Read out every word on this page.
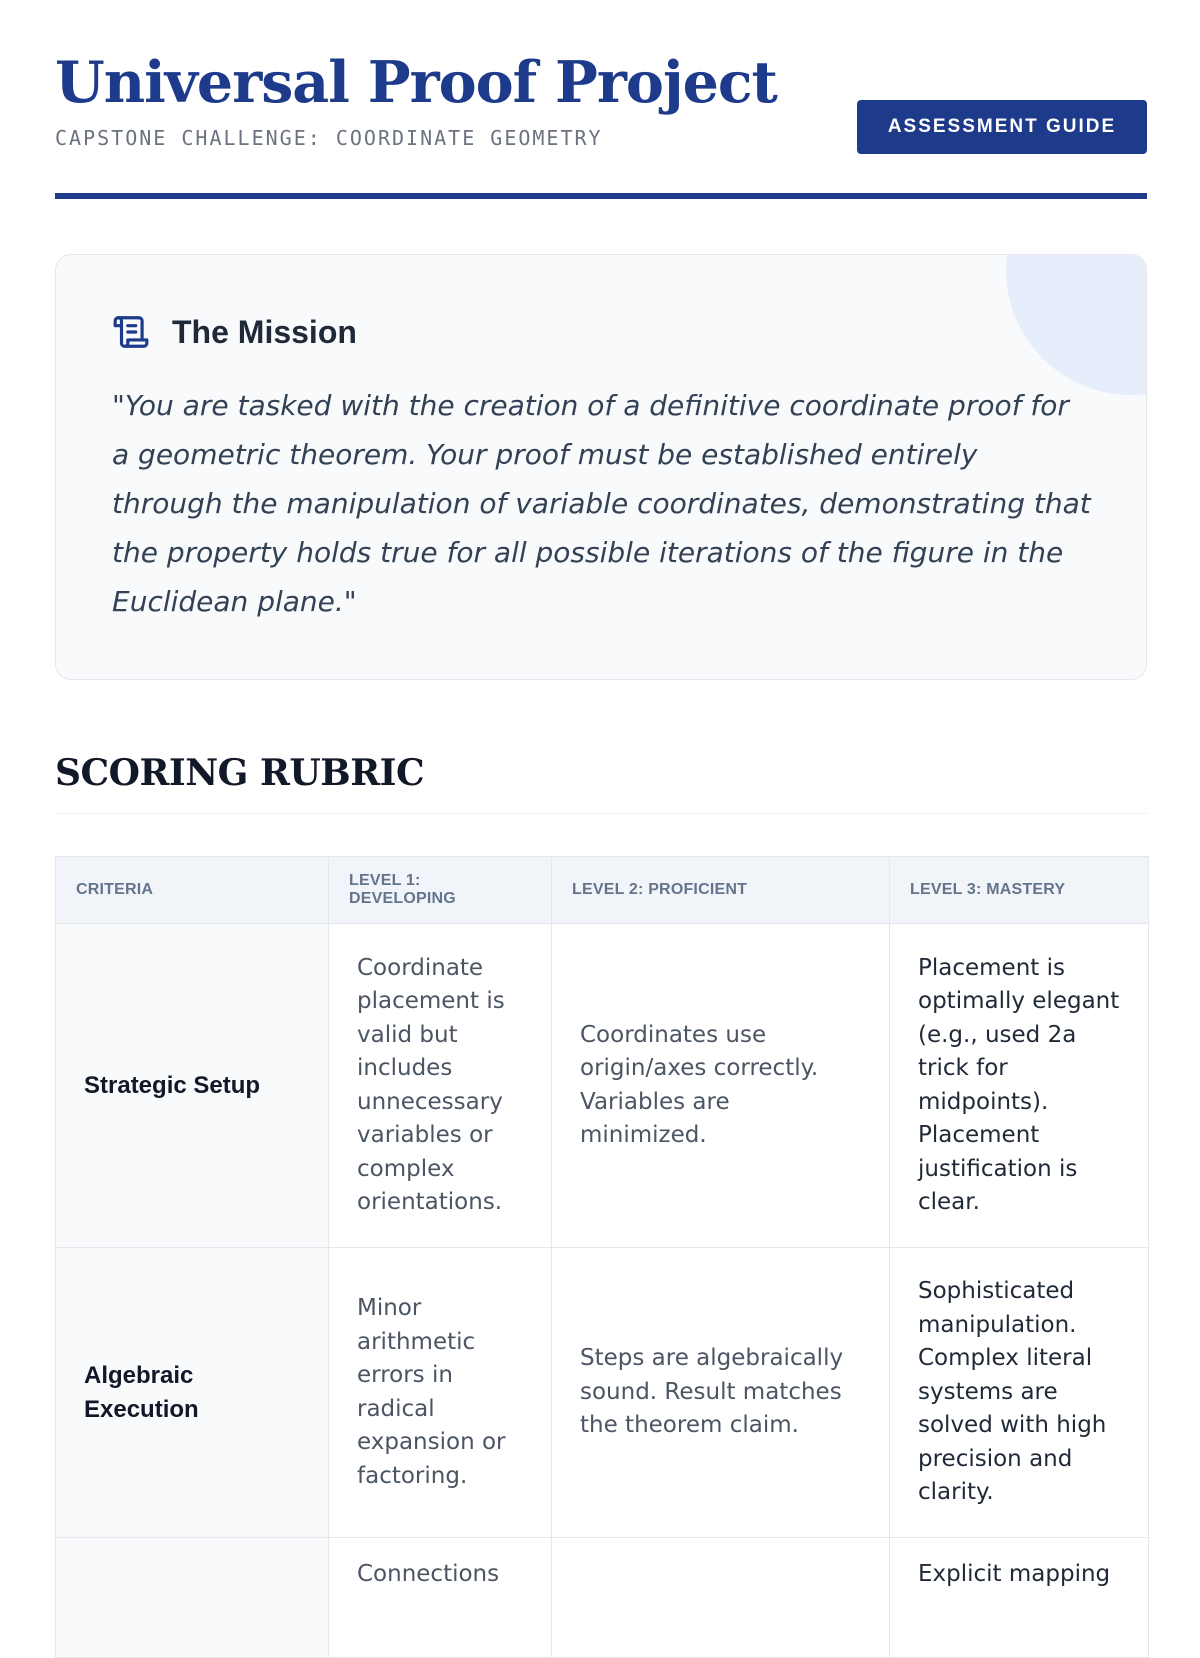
Universal Proof Project
CAPSTONE CHALLENGE: COORDINATE GEOMETRY	ASSESSMENT GUIDE
The Mission

"You are tasked with the creation of a definitive coordinate proof for a geometric theorem. Your proof must be established entirely through the manipulation of variable coordinates, demonstrating that the property holds true for all possible iterations of the figure in the Euclidean plane."

SCORING RUBRIC
CRITERIA	LEVEL 1: DEVELOPING	LEVEL 2: PROFICIENT	LEVEL 3: MASTERY
Strategic Setup	Coordinate placement is valid but includes unnecessary variables or complex orientations.	Coordinates use origin/axes correctly. Variables are minimized.	Placement is optimally elegant (e.g., used 2a trick for midpoints). Placement justification is clear.
Algebraic Execution	Minor arithmetic errors in radical expansion or factoring.	Steps are algebraically sound. Result matches the theorem claim.	Sophisticated manipulation. Complex literal systems are solved with high precision and clarity.
	Connections		Explicit mapping
